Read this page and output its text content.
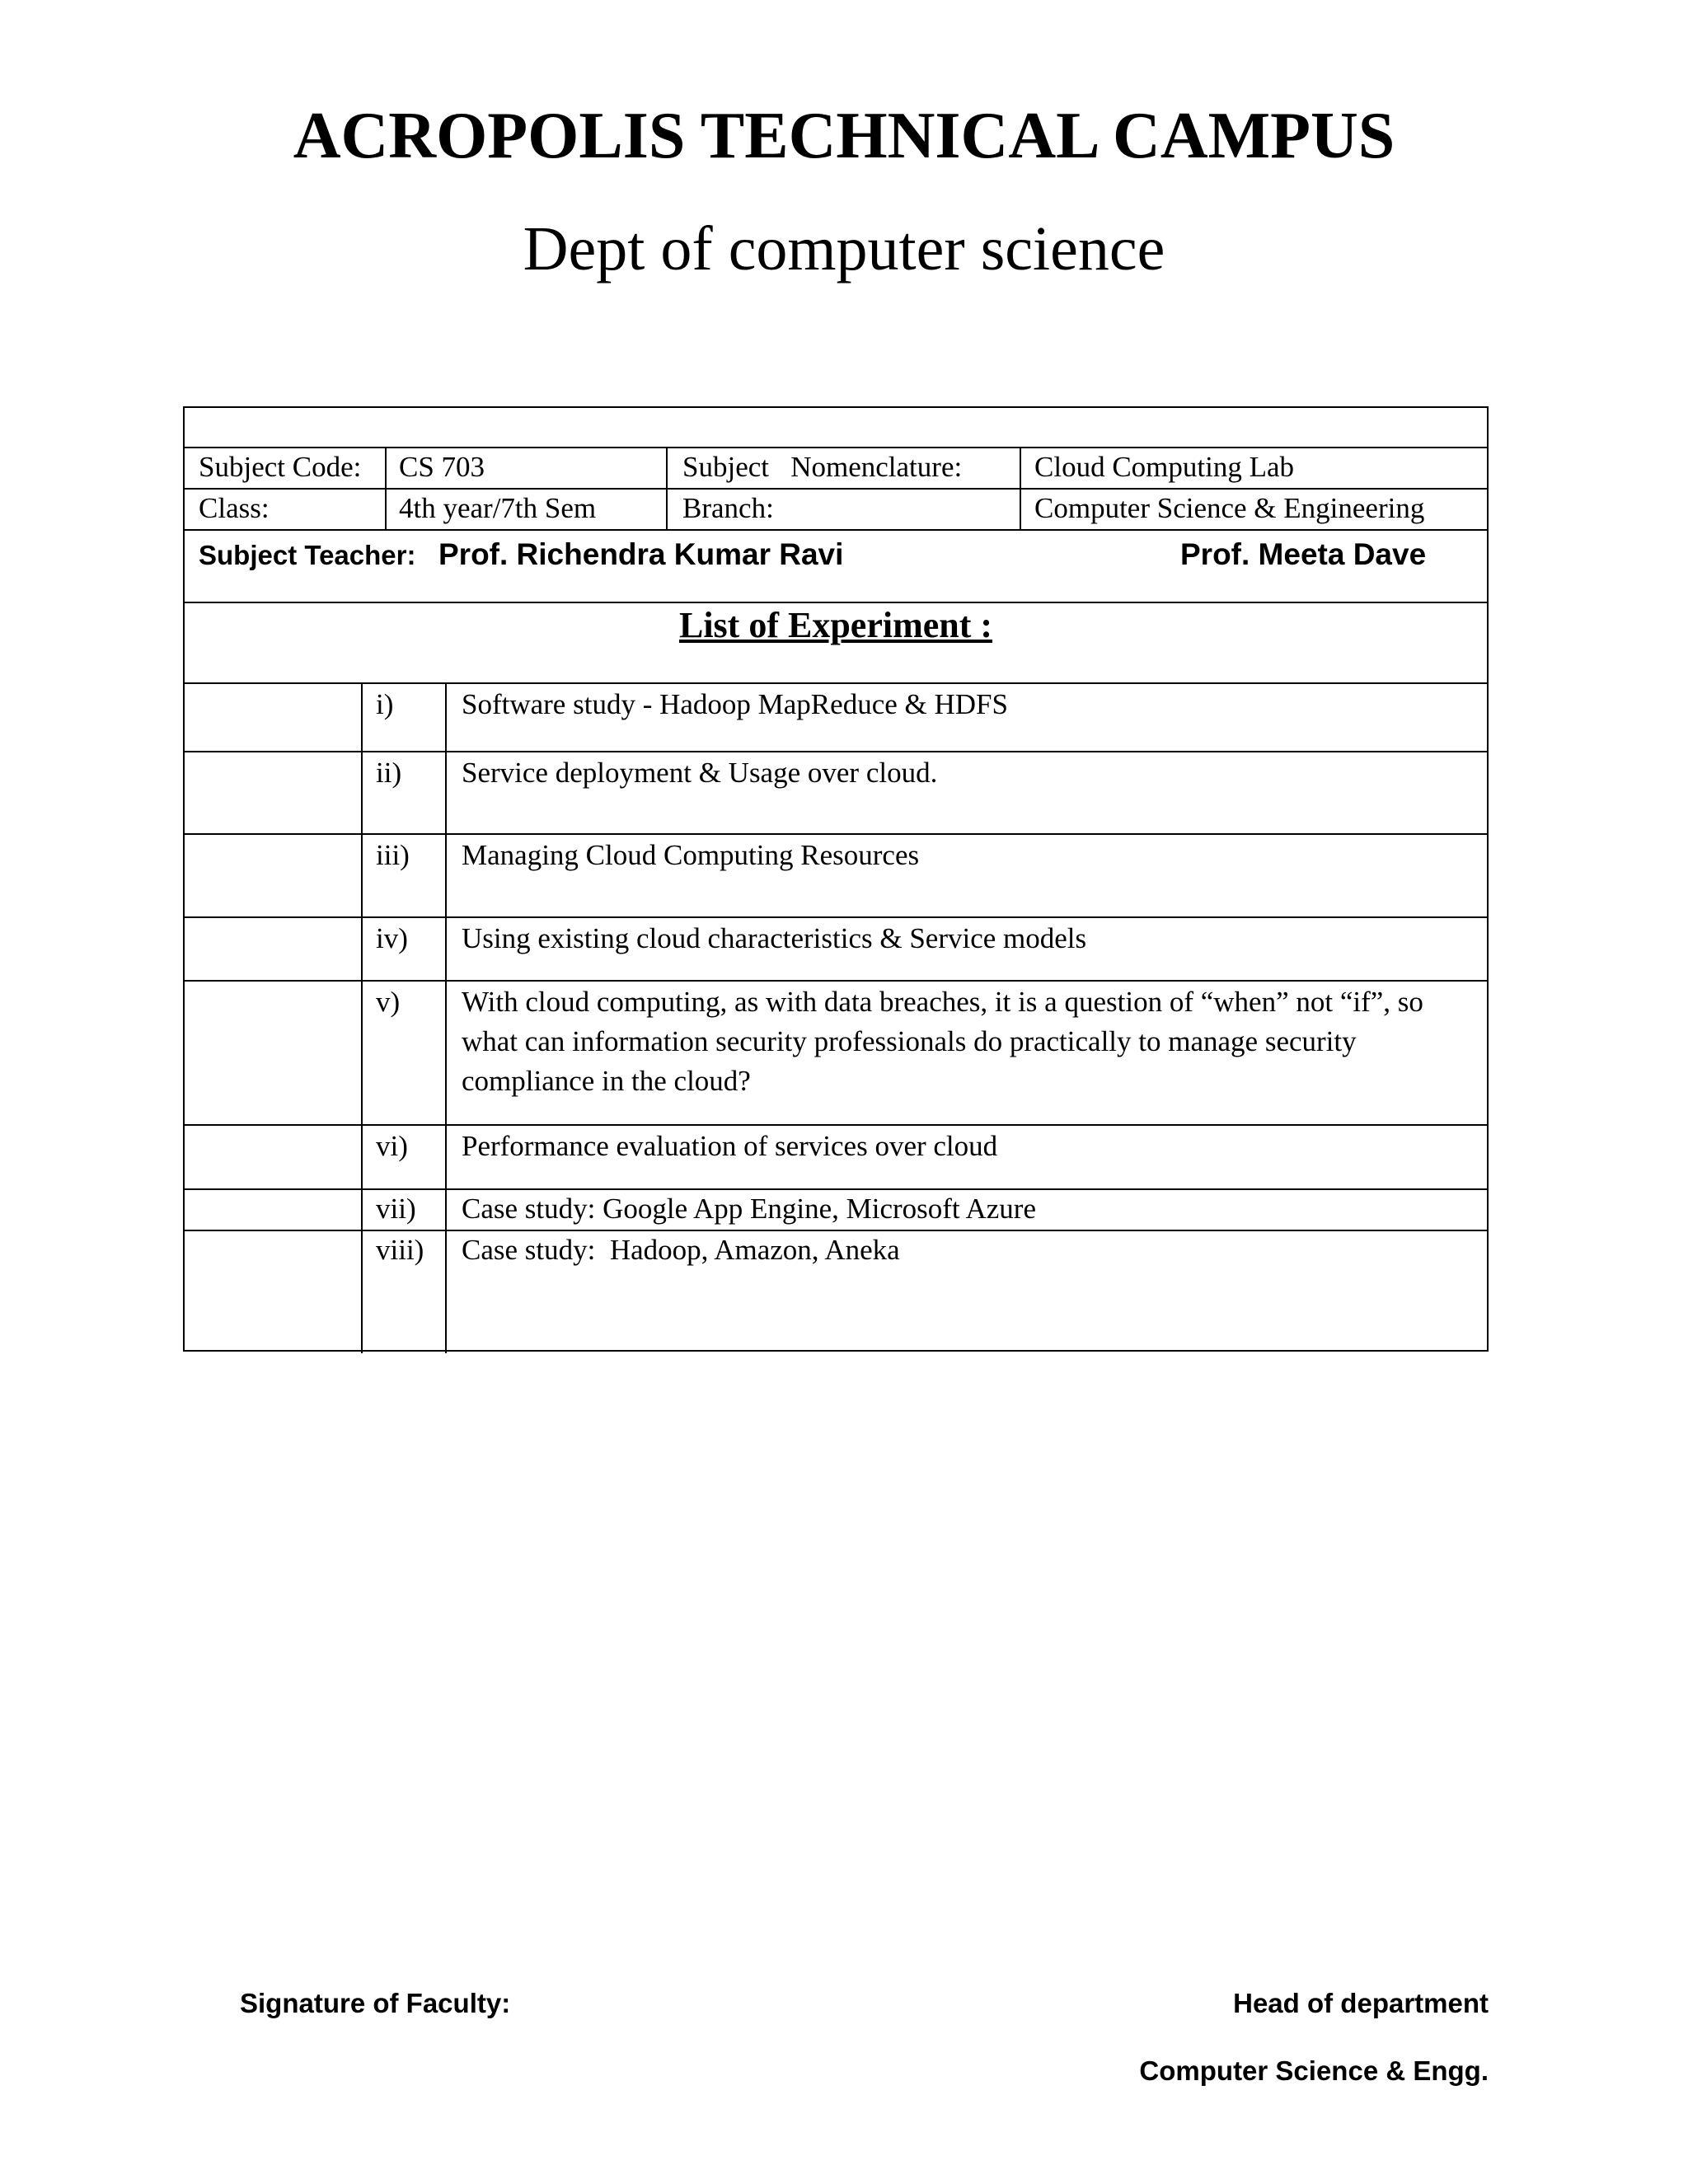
ACROPOLIS TECHNICAL CAMPUS
Dept of computer science
Subject Code: CS 703	Subject   Nomenclature:	Cloud Computing Lab
Class:	4th year/7th Sem	Branch:	Computer Science & Engineering
Subject Teacher: Prof. Richendra Kumar Ravi	Prof. Meeta Dave
List of Experiment :
i)	Software study - Hadoop MapReduce & HDFS
ii)	Service deployment & Usage over cloud.
iii)	Managing Cloud Computing Resources
iv)	Using existing cloud characteristics & Service models
v)	With cloud computing, as with data breaches, it is a question of “when” not “if”, so what can information security professionals do practically to manage security compliance in the cloud?
vi)	Performance evaluation of services over cloud
vii)	Case study: Google App Engine, Microsoft Azure
viii)	Case study:  Hadoop, Amazon, Aneka
Signature of Faculty:	Head of department
Computer Science & Engg.
